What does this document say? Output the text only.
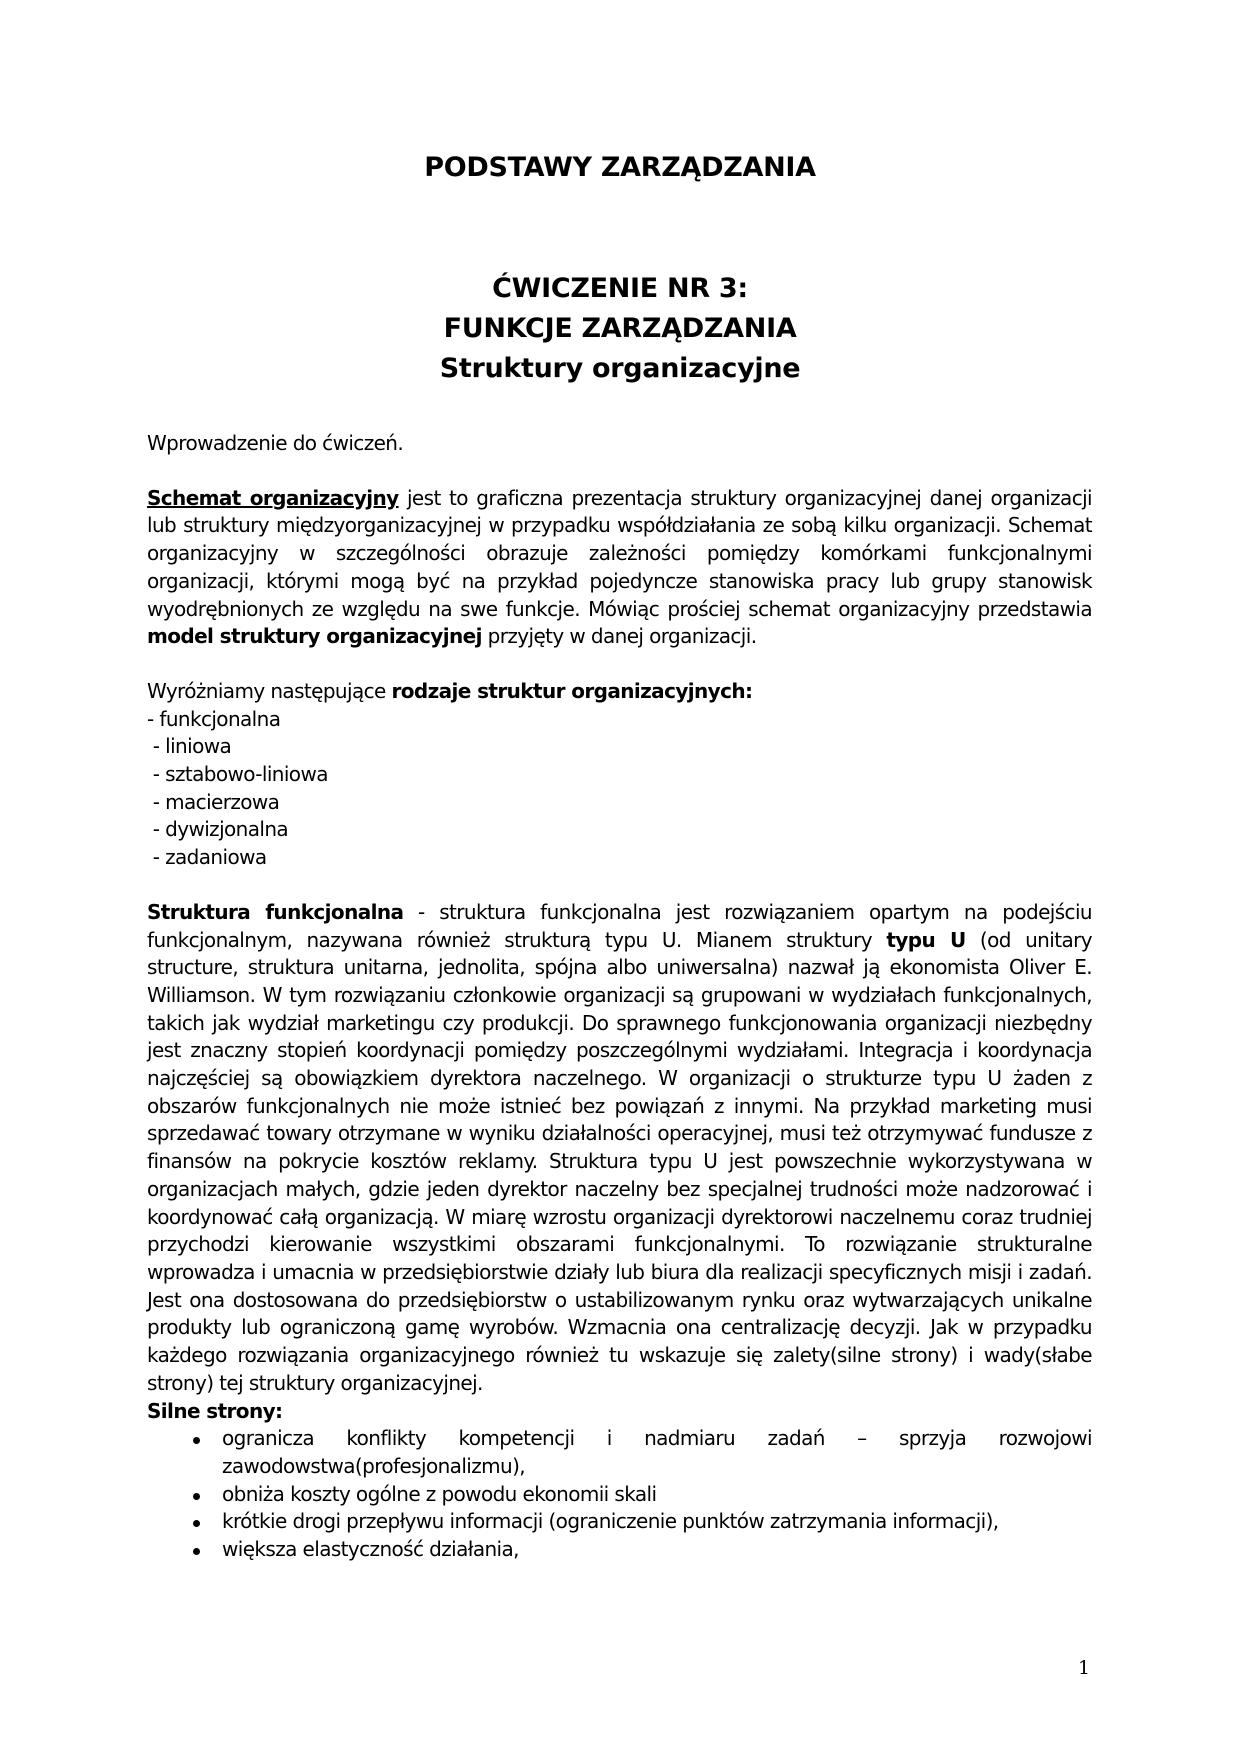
PODSTAWY ZARZĄDZANIA
ĆWICZENIE NR 3:
FUNKCJE ZARZĄDZANIA
Struktury organizacyjne

Wprowadzenie do ćwiczeń.

Schemat organizacyjny jest to graficzna prezentacja struktury organizacyjnej danej organizacji lub struktury międzyorganizacyjnej w przypadku współdziałania ze sobą kilku organizacji. Schemat organizacyjny w szczególności obrazuje zależności pomiędzy komórkami funkcjonalnymi organizacji, którymi mogą być na przykład pojedyncze stanowiska pracy lub grupy stanowisk wyodrębnionych ze względu na swe funkcje. Mówiąc prościej schemat organizacyjny przedstawia model struktury organizacyjnej przyjęty w danej organizacji.

Wyróżniamy następujące rodzaje struktur organizacyjnych:

- funkcjonalna
- liniowa
- sztabowo-liniowa
- macierzowa
- dywizjonalna
- zadaniowa

Struktura funkcjonalna - struktura funkcjonalna jest rozwiązaniem opartym na podejściu funkcjonalnym, nazywana również strukturą typu U. Mianem struktury typu U (od unitary structure, struktura unitarna, jednolita, spójna albo uniwersalna) nazwał ją ekonomista Oliver E. Williamson. W tym rozwiązaniu członkowie organizacji są grupowani w wydziałach funkcjonalnych, takich jak wydział marketingu czy produkcji. Do sprawnego funkcjonowania organizacji niezbędny jest znaczny stopień koordynacji pomiędzy poszczególnymi wydziałami. Integracja i koordynacja najczęściej są obowiązkiem dyrektora naczelnego. W organizacji o strukturze typu U żaden z obszarów funkcjonalnych nie może istnieć bez powiązań z innymi. Na przykład marketing musi sprzedawać towary otrzymane w wyniku działalności operacyjnej, musi też otrzymywać fundusze z finansów na pokrycie kosztów reklamy. Struktura typu U jest powszechnie wykorzystywana w organizacjach małych, gdzie jeden dyrektor naczelny bez specjalnej trudności może nadzorować i koordynować całą organizacją. W miarę wzrostu organizacji dyrektorowi naczelnemu coraz trudniej przychodzi kierowanie wszystkimi obszarami funkcjonalnymi. To rozwiązanie strukturalne wprowadza i umacnia w przedsiębiorstwie działy lub biura dla realizacji specyficznych misji i zadań. Jest ona dostosowana do przedsiębiorstw o ustabilizowanym rynku oraz wytwarzających unikalne produkty lub ograniczoną gamę wyrobów. Wzmacnia ona centralizację decyzji. Jak w przypadku każdego rozwiązania organizacyjnego również tu wskazuje się zalety(silne strony) i wady(słabe strony) tej struktury organizacyjnej.

Silne strony:

ogranicza konflikty kompetencji i nadmiaru zadań – sprzyja rozwojowi zawodowstwa(profesjonalizmu),
obniża koszty ogólne z powodu ekonomii skali
krótkie drogi przepływu informacji (ograniczenie punktów zatrzymania informacji),
większa elastyczność działania,
1
